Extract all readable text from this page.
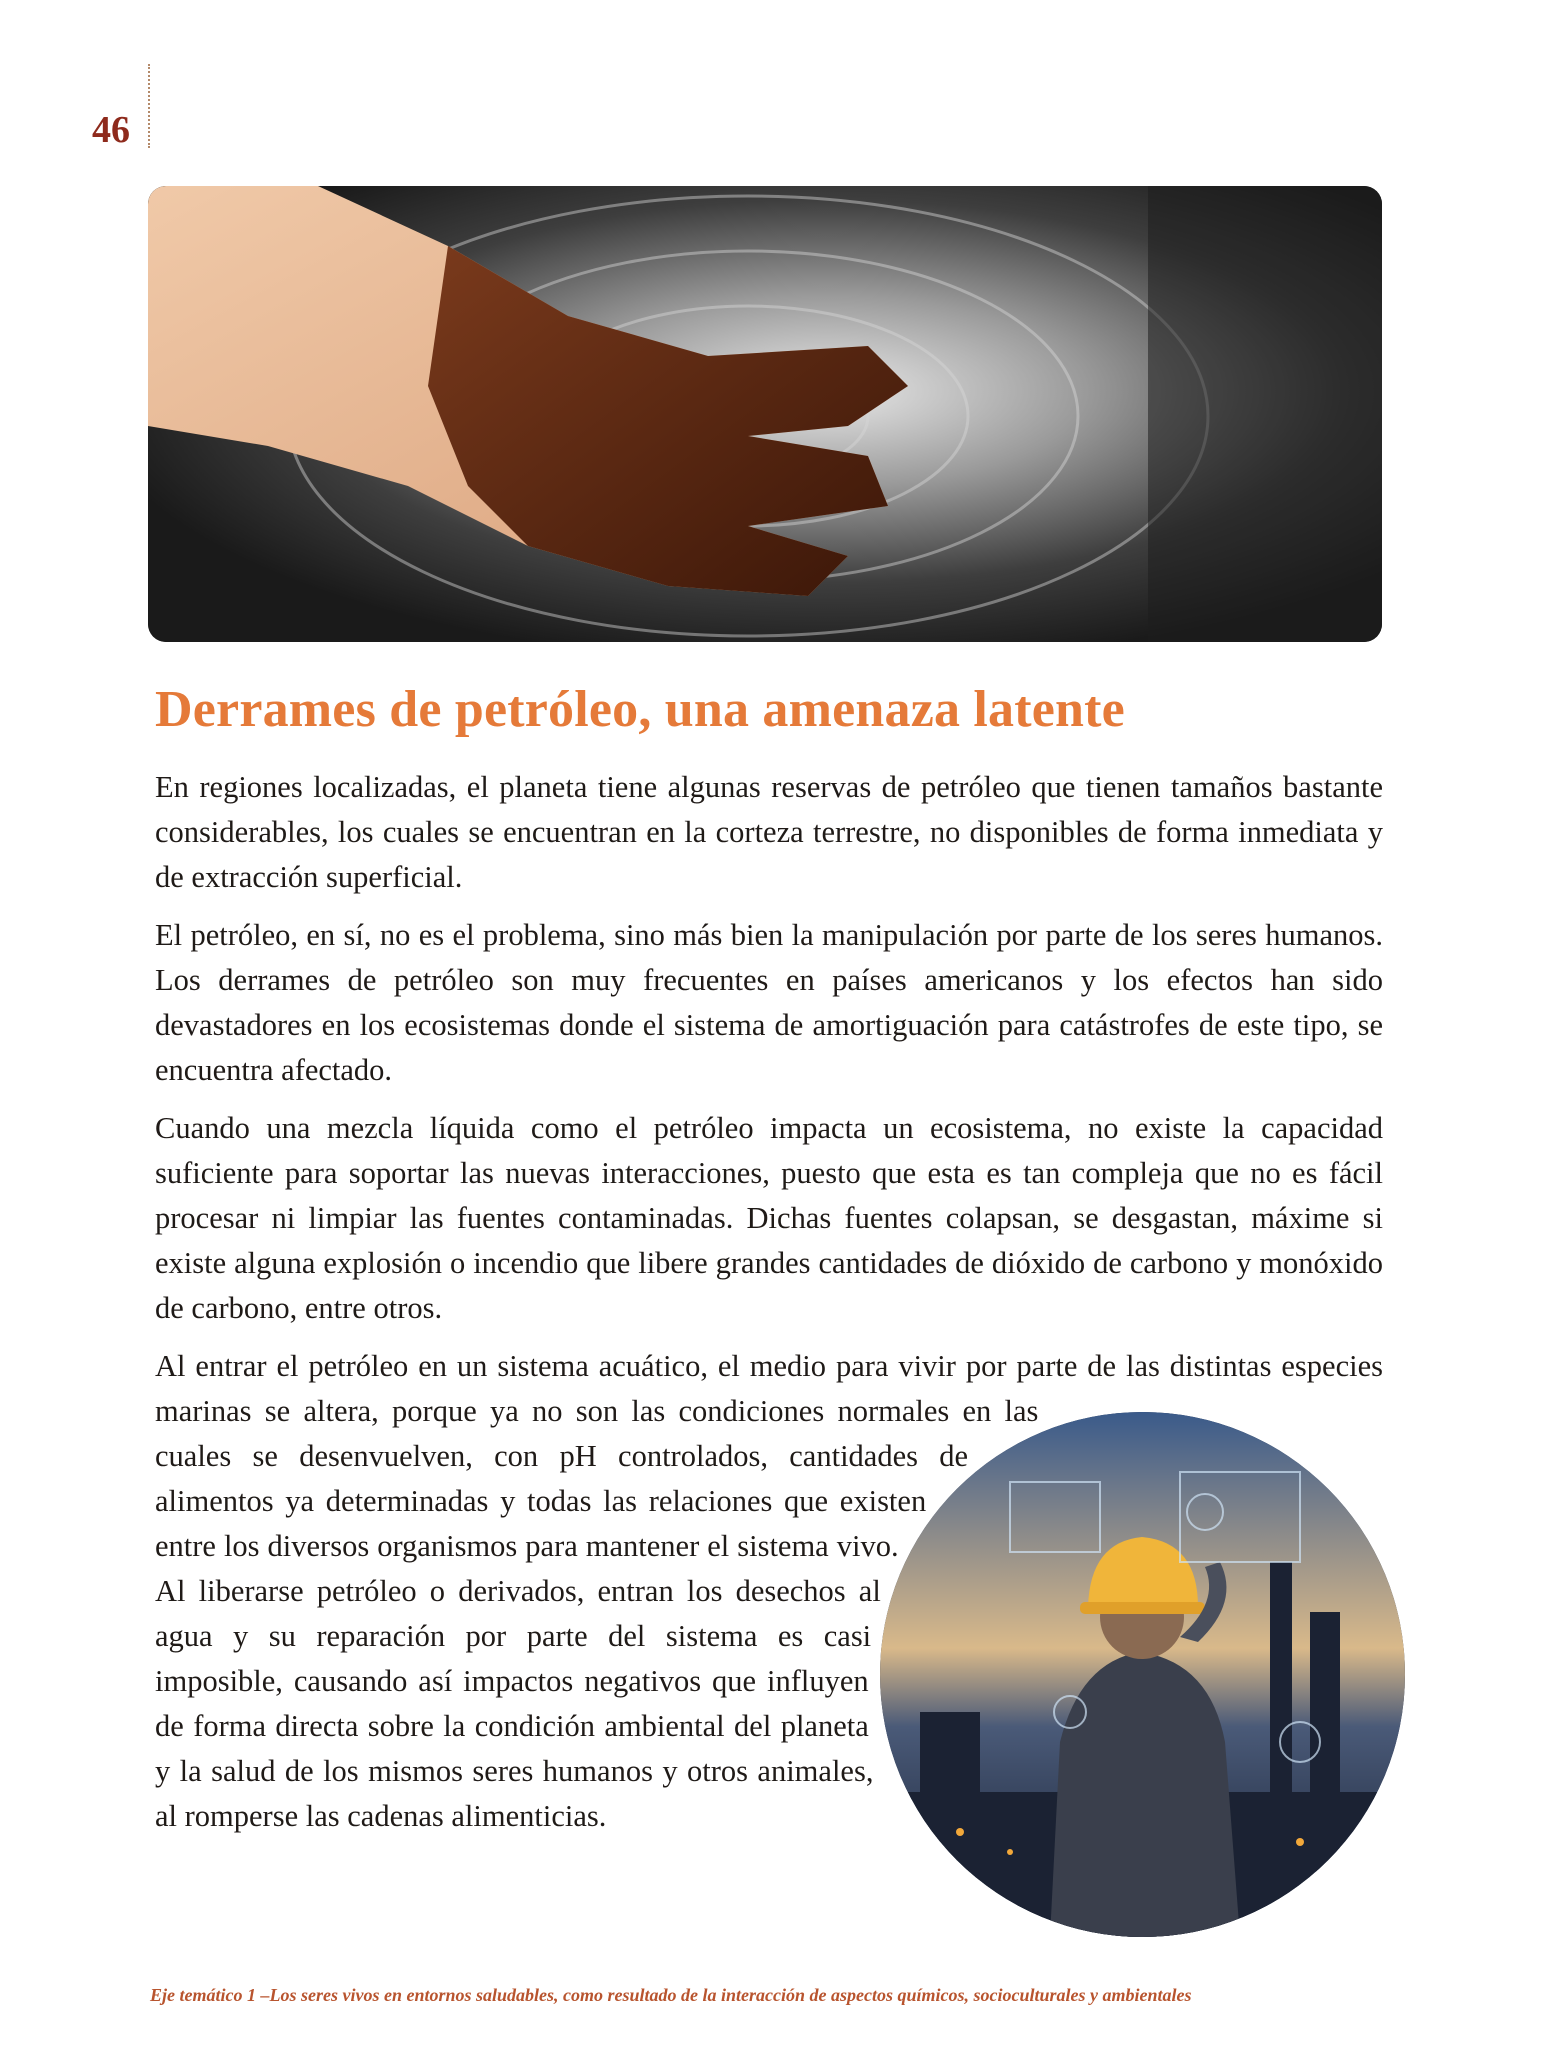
46
Derrames de petróleo, una amenaza latente

En regiones localizadas, el planeta tiene algunas reservas de petróleo que tienen tamaños bastante considerables, los cuales se encuentran en la corteza terrestre, no disponibles de forma inmediata y de extracción superficial.

El petróleo, en sí, no es el problema, sino más bien la manipulación por parte de los seres humanos. Los derrames de petróleo son muy frecuentes en países americanos y los efectos han sido devastadores en los ecosistemas donde el sistema de amortiguación para catástrofes de este tipo, se encuentra afectado.

Cuando una mezcla líquida como el petróleo impacta un ecosistema, no existe la capacidad suficiente para soportar las nuevas interacciones, puesto que esta es tan compleja que no es fácil procesar ni limpiar las fuentes contaminadas. Dichas fuentes colapsan, se desgastan, máxime si existe alguna explosión o incendio que libere grandes cantidades de dióxido de carbono y monóxido de carbono, entre otros.

Al entrar el petróleo en un sistema acuático, el medio para vivir por parte de las distintas especies marinas se altera, porque ya no son las condiciones normales en las cuales se desenvuelven, con pH controlados, cantidades de alimentos ya determinadas y todas las relaciones que existen entre los diversos organismos para mantener el sistema vivo. Al liberarse petróleo o derivados, entran los desechos al agua y su reparación por parte del sistema es casi imposible, causando así impactos negativos que influyen de forma directa sobre la condición ambiental del planeta y la salud de los mismos seres humanos y otros animales, al romperse las cadenas alimenticias.

Eje temático 1 –Los seres vivos en entornos saludables, como resultado de la interacción de aspectos químicos, socioculturales y ambientales
